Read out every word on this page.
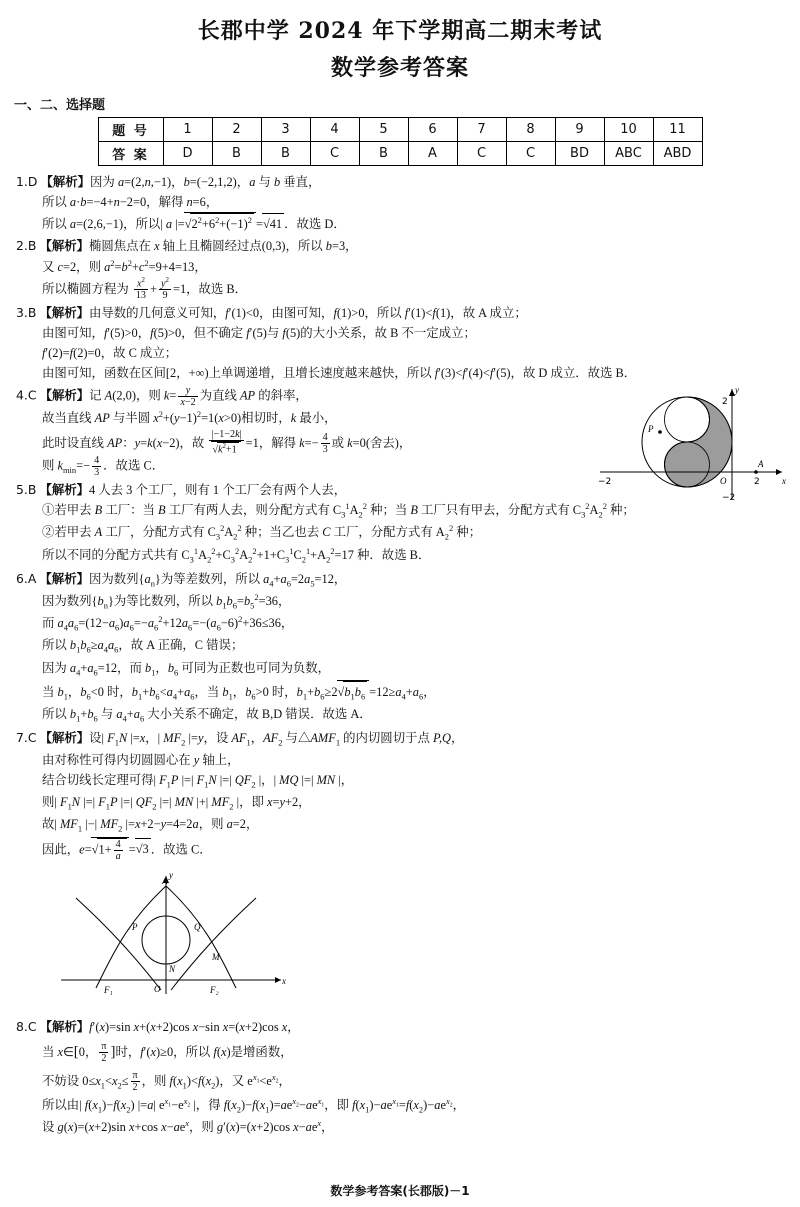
长郡中学 2024 年下学期高二期末考试
数学参考答案
一、二、选择题
题 号	1	2	3	4	5	6	7	8	9	10	11
答 案	D	B	B	C	B	A	C	C	BD	ABC	ABD
1.D 【解析】因为 a=(2,n,−1)，b=(−2,1,2)，a 与 b 垂直，
所以 a·b=−4+n−2=0，解得 n=6，
所以 a=(2,6,−1)，所以| a $|=√2^2+6^2+(-1)^2 =√41$ ．故选 D．
2.B 【解析】椭圆焦点在 x 轴上且椭圆经过点(0,3)，所以 b=3，
又 c=2，则 $a^2=b^2+c^2=9+4=13$，
所以椭圆方程为 $\frac{x^2}{13} + \frac{y^2}{9} =1$，故选 B．
3.B 【解析】由导数的几何意义可知，f′(1)<0，由图可知，f(1)>0，所以 f′(1)<f(1)，故 A 成立；
由图可知，f′(5)>0，f(5)>0，但不确定 f′(5)与 f(5)的大小关系，故 B 不一定成立；
f′(2)=f(2)=0，故 C 成立；
由图可知，函数在区间[2，+∞)上单调递增，且增长速度越来越快，所以 f′(3)<f′(4)<f′(5)，故 D 成立．故选 B．
4.C 【解析】记 A(2,0)，则 $k= \frac{y}{x-2}$ 为直线 AP 的斜率，
故当直线 AP 与半圆 $x^2+(y-1)^2=1(x>0)$相切时，k 最小，
此时设直线 AP：y=k(x−2)，故 $\frac{|-1-2k|}{√k^2+1} =1$，解得 $k=- \frac{4}{3}$ 或 k=0(舍去)，
则 $k_{min}=- \frac{4}{3}$ ．故选 C．
5.B 【解析】4 人去 3 个工厂，则有 1 个工厂会有两个人去，
①若甲去 B 工厂：当 B 工厂有两人去，则分配方式有 $C_3^1A_2^2$ 种；当 B 工厂只有甲去，分配方式有 $C_3^2A_2^2$ 种；
②若甲去 A 工厂，分配方式有 $C_3^2A_2^2$ 种；当乙也去 C 工厂，分配方式有 $A_2^2$ 种；
所以不同的分配方式共有 $C_3^1A_2^2+C_3^2A_2^2+1+C_3^1C_2^1+A_2^2=17$ 种．故选 B．
6.A 【解析】因为数列$\{a_n\}$为等差数列，所以 $a_4+a_6=2a_5=12$，
因为数列$\{b_n\}$为等比数列，所以 $b_1b_6=b_5^2=36$，
而 $a_4a_6=(12-a_6)a_6=-a_6^2+12a_6=-(a_6-6)^2+36\le 36$，
所以 $b_1b_6\ge a_4a_6$，故 A 正确，C 错误；
因为 $a_4+a_6=12$，而 $b_1$，$b_6$ 可同为正数也可同为负数，
当 $b_1$，$b_6<0$ 时，$b_1+b_6<a_4+a_6$，当 $b_1$，$b_6>0$ 时，$b_1+b_6\ge 2√b_1b_6 =12\ge a_4+a_6$，
所以 $b_1+b_6$ 与 $a_4+a_6$ 大小关系不确定，故 B,D 错误．故选 A．
7.C 【解析】设| $F_1N$ |=x，| $MF_2$ |=y，设 $AF_1$，$AF_2$ 与$\triangle AMF_1$ 的内切圆切于点 P,Q，
由对称性可得内切圆圆心在 y 轴上，
结合切线长定理可得| $F_1P$ |=| $F_1N$ |=| $QF_2$ |，| MQ |=| MN |，
则| $F_1N$ |=| $F_1P$ |=| $QF_2$ |=| MN |+| $MF_2$ |，即 x=y+2，
故| $MF_1$ |−| $MF_2$ |=x+2−y=4=2a，则 a=2，
因此，$e=√1+ \frac{4}{a} =√3$ ．故选 C．
y
A
P	Q
M
N
O
F₁	F₂
x
8.C 【解析】f′(x)=sin x+(x+2)cos x−sin x=(x+2)cos x，
当 x∈[0， $\frac{\pi}{2}$ ]时，f′(x)≥0，所以 f(x)是增函数，
不妨设 $0\le x_1<x_2\le \frac{\pi}{2}$ ，则 $f(x_1)<f(x_2)$，又 $e^{x_1}<e^{x_2}$，
所以由| $f(x_1)-f(x_2)$ |=a| $e^{x_1}-e^{x_2}$ |，得 $f(x_2)-f(x_1)=ae^{x_2}-ae^{x_1}$，即 $f(x_1)-ae^{x_1}=f(x_2)-ae^{x_2}$，
设 g(x)=(x+2)sin x+cos $x-ae^x$，则 g′(x)=(x+2)cos $x-ae^x$，
y
x
O
P
A
2
−2	2
−2
数学参考答案(长郡版)－1
